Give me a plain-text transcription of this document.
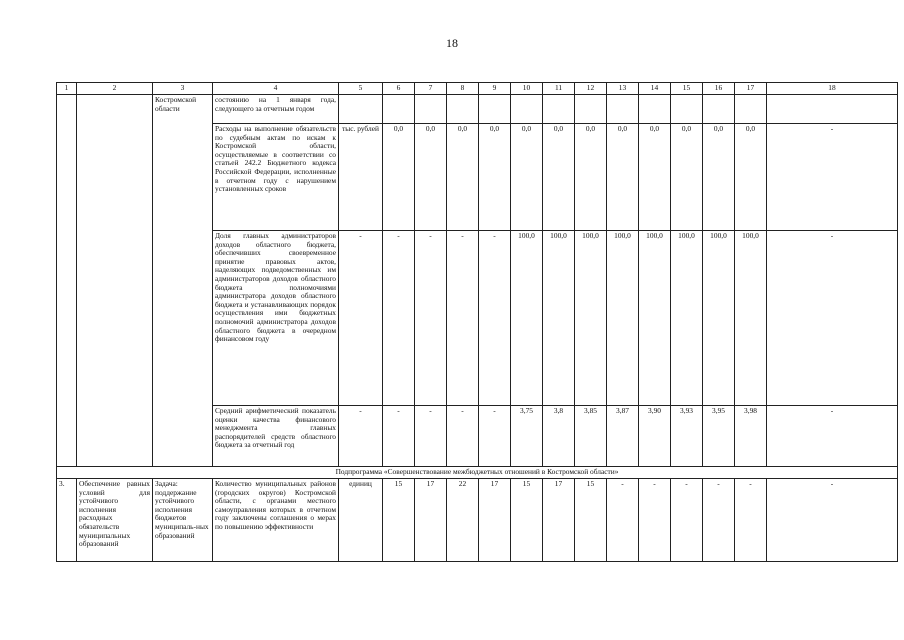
18
1	2	3	4	5	6	7	8	9	10	11	12	13	14	15	16	17	18
		Костромской области	состоянию на 1 января года, следующего за отчетным годом														
			Расходы на выполнение обязательств по судебным актам по искам к Костромской области, осуществляемые в соответствии со статьей 242.2 Бюджетного кодекса Российской Федерации, исполненные в отчетном году с нарушением установленных сроков	тыс. рублей	0,0	0,0	0,0	0,0	0,0	0,0	0,0	0,0	0,0	0,0	0,0	0,0	-
			Доля главных администраторов доходов областного бюджета, обеспечивших своевременное принятие правовых актов, наделяющих подведомственных им администраторов доходов областного бюджета полномочиями администратора доходов областного бюджета и устанавливающих порядок осуществления ими бюджетных полномочий администратора доходов областного бюджета в очередном финансовом году	-	-	-	-	-	100,0	100,0	100,0	100,0	100,0	100,0	100,0	100,0	-
			Средний арифметический показатель оценки качества финансового менеджмента главных распорядителей средств областного бюджета за отчетный год	-	-	-	-	-	3,75	3,8	3,85	3,87	3,90	3,93	3,95	3,98	-
Подпрограмма «Совершенствование межбюджетных отношений в Костромской области»																	
3.	Обеспечение равных условий для устойчивого исполнения расходных обязательств муниципальных образований	Задача: поддержание устойчивого исполнения бюджетов муниципаль-ных образований	Количество муниципальных районов (городских округов) Костромской области, с органами местного самоуправления которых в отчетном году заключены соглашения о мерах по повышению эффективности	единиц	15	17	22	17	15	17	15	-	-	-	-	-	-
